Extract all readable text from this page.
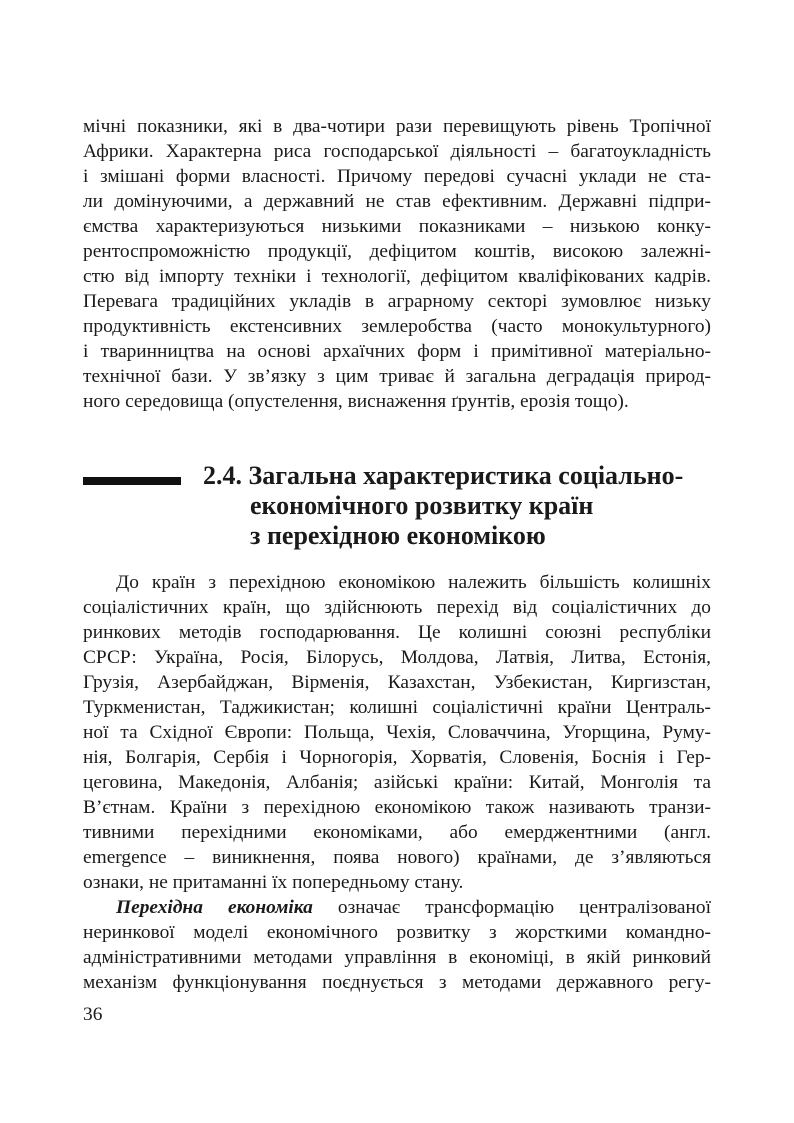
мічні показники, які в два-чотири рази перевищують рівень Тропічної
Африки. Характерна риса господарської діяльності – багатоукладність
і змішані форми власності. Причому передові сучасні уклади не ста-
ли домінуючими, а державний не став ефективним. Державні підпри-
ємства характеризуються низькими показниками – низькою конку-
рентоспроможністю продукції, дефіцитом коштів, високою залежні-
стю від імпорту техніки і технології, дефіцитом кваліфікованих кадрів.
Перевага традиційних укладів в аграрному секторі зумовлює низьку
продуктивність екстенсивних землеробства (часто монокультурного)
і тваринництва на основі архаїчних форм і примітивної матеріально-
технічної бази. У зв’язку з цим триває й загальна деградація природ-
ного середовища (опустелення, виснаження ґрунтів, ерозія тощо).
2.4. Загальна характеристика соціально-
економічного розвитку країн
з перехідною економікою
До країн з перехідною економікою належить більшість колишніх
соціалістичних країн, що здійснюють перехід від соціалістичних до
ринкових методів господарювання. Це колишні союзні республіки
СРСР: Україна, Росія, Білорусь, Молдова, Латвія, Литва, Естонія,
Грузія, Азербайджан, Вірменія, Казахстан, Узбекистан, Киргизстан,
Туркменистан, Таджикистан; колишні соціалістичні країни Централь-
ної та Східної Європи: Польща, Чехія, Словаччина, Угорщина, Руму-
нія, Болгарія, Сербія і Чорногорія, Хорватія, Словенія, Боснія і Гер-
цеговина, Македонія, Албанія; азійські країни: Китай, Монголія та
В’єтнам. Країни з перехідною економікою також називають транзи-
тивними перехідними економіками, або емерджентними (англ.
emergence – виникнення, поява нового) країнами, де з’являються
ознаки, не притаманні їх попередньому стану.
Перехідна економіка означає трансформацію централізованої
неринкової моделі економічного розвитку з жорсткими командно-
адміністративними методами управління в економіці, в якій ринковий
механізм функціонування поєднується з методами державного регу-
36
